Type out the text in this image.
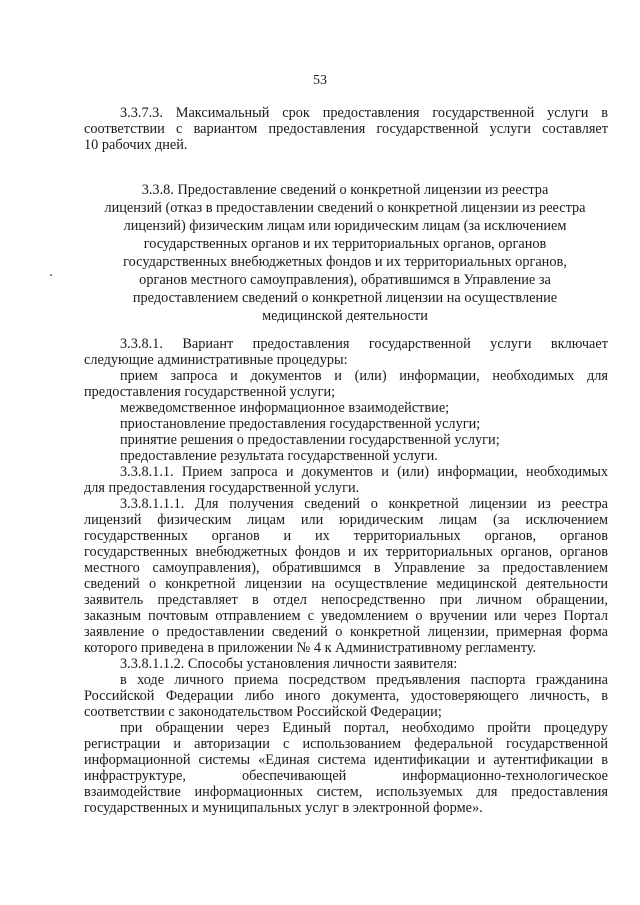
53
3.3.7.3. Максимальный срок предоставления государственной услуги в
соответствии с вариантом предоставления государственной услуги составляет
10 рабочих дней.
3.3.8. Предоставление сведений о конкретной лицензии из реестра
лицензий (отказ в предоставлении сведений о конкретной лицензии из реестра
лицензий) физическим лицам или юридическим лицам (за исключением
государственных органов и их территориальных органов, органов
государственных внебюджетных фондов и их территориальных органов,
органов местного самоуправления), обратившимся в Управление за
предоставлением сведений о конкретной лицензии на осуществление
медицинской деятельности
3.3.8.1. Вариант предоставления государственной услуги включает
следующие административные процедуры:
прием запроса и документов и (или) информации, необходимых для
предоставления государственной услуги;
межведомственное информационное взаимодействие;
приостановление предоставления государственной услуги;
принятие решения о предоставлении государственной услуги;
предоставление результата государственной услуги.
3.3.8.1.1. Прием запроса и документов и (или) информации, необходимых
для предоставления государственной услуги.
3.3.8.1.1.1. Для получения сведений о конкретной лицензии из реестра
лицензий физическим лицам или юридическим лицам (за исключением
государственных органов и их территориальных органов, органов
государственных внебюджетных фондов и их территориальных органов, органов
местного самоуправления), обратившимся в Управление за предоставлением
сведений о конкретной лицензии на осуществление медицинской деятельности
заявитель представляет в отдел непосредственно при личном обращении,
заказным почтовым отправлением с уведомлением о вручении или через Портал
заявление о предоставлении сведений о конкретной лицензии, примерная форма
которого приведена в приложении № 4 к Административному регламенту.
3.3.8.1.1.2. Способы установления личности заявителя:
в ходе личного приема посредством предъявления паспорта гражданина
Российской Федерации либо иного документа, удостоверяющего личность, в
соответствии с законодательством Российской Федерации;
при обращении через Единый портал, необходимо пройти процедуру
регистрации и авторизации с использованием федеральной государственной
информационной системы «Единая система идентификации и аутентификации в
инфраструктуре, обеспечивающей информационно-технологическое
взаимодействие информационных систем, используемых для предоставления
государственных и муниципальных услуг в электронной форме».
